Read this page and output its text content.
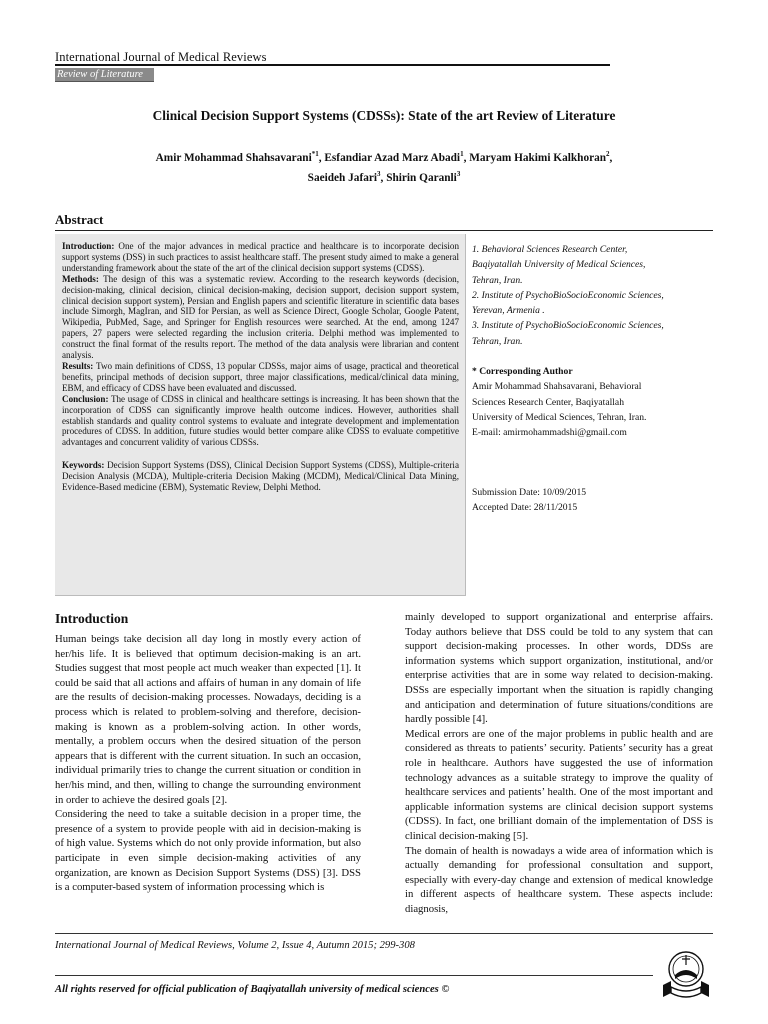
International Journal of Medical Reviews
Review of Literature
Clinical Decision Support Systems (CDSSs): State of the art Review of Literature
Amir Mohammad Shahsavarani$^{*1}$, Esfandiar Azad Marz Abadi$^1$, Maryam Hakimi Kalkhoran$^2$,
Saeideh Jafari$^3$, Shirin Qaranli$^3$
Abstract

Introduction: One of the major advances in medical practice and healthcare is to incorporate decision support systems (DSS) in such practices to assist healthcare staff. The present study aimed to make a general understanding framework about the state of the art of the clinical decision support systems (CDSS).

Methods: The design of this was a systematic review. According to the research keywords (decision, decision-making, clinical decision, clinical decision-making, decision support, decision support system, clinical decision support system), Persian and English papers and scientific literature in scientific data bases include Simorgh, MagIran, and SID for Persian, as well as Science Direct, Google Scholar, Google Patent, Wikipedia, PubMed, Sage, and Springer for English resources were searched. At the end, among 1247 papers, 27 papers were selected regarding the inclusion criteria. Delphi method was implemented to construct the final format of the results report. The method of the data analysis were librarian and content analysis.

Results: Two main definitions of CDSS, 13 popular CDSSs, major aims of usage, practical and theoretical benefits, principal methods of decision support, three major classifications, medical/clinical data mining, EBM, and efficacy of CDSS have been evaluated and discussed.

Conclusion: The usage of CDSS in clinical and healthcare settings is increasing. It has been shown that the incorporation of CDSS can significantly improve health outcome indices. However, authorities shall establish standards and quality control systems to evaluate and integrate development and implementation procedures of CDSS. In addition, future studies would better compare alike CDSS to evaluate competitive advantages and concurrent validity of various CDSSs.

Keywords: Decision Support Systems (DSS), Clinical Decision Support Systems (CDSS), Multiple-criteria Decision Analysis (MCDA), Multiple-criteria Decision Making (MCDM), Medical/Clinical Data Mining, Evidence-Based medicine (EBM), Systematic Review, Delphi Method.

1. Behavioral Sciences Research Center,
Baqiyatallah University of Medical Sciences,
Tehran, Iran.
2. Institute of PsychoBioSocioEconomic Sciences,
Yerevan, Armenia .
3. Institute of PsychoBioSocioEconomic Sciences,
Tehran, Iran.
* Corresponding Author
Amir Mohammad Shahsavarani, Behavioral
Sciences Research Center, Baqiyatallah
University of Medical Sciences, Tehran, Iran.
E-mail: amirmohammadshi@gmail.com
Submission Date: 10/09/2015
Accepted Date: 28/11/2015
Introduction

Human beings take decision all day long in mostly every action of her/his life. It is believed that optimum decision-making is an art. Studies suggest that most people act much weaker than expected [1]. It could be said that all actions and affairs of human in any domain of life are the results of decision-making processes. Nowadays, deciding is a process which is related to problem-solving and therefore, decision-making is known as a problem-solving action. In other words, mentally, a problem occurs when the desired situation of the person appears that is different with the current situation. In such an occasion, individual primarily tries to change the current situation or condition in her/his mind, and then, willing to change the surrounding environment in order to achieve the desired goals [2].

Considering the need to take a suitable decision in a proper time, the presence of a system to provide people with aid in decision-making is of high value. Systems which do not only provide information, but also participate in even simple decision-making activities of any organization, are known as Decision Support Systems (DSS) [3]. DSS is a computer-based system of information processing which is

mainly developed to support organizational and enterprise affairs. Today authors believe that DSS could be told to any system that can support decision-making processes. In other words, DDSs are information systems which support organization, institutional, and/or enterprise activities that are in some way related to decision-making. DSSs are especially important when the situation is rapidly changing and anticipation and determination of future situations/conditions are hardly possible [4].

Medical errors are one of the major problems in public health and are considered as threats to patients’ security. Patients’ security has a great role in healthcare. Authors have suggested the use of information technology advances as a suitable strategy to improve the quality of healthcare services and patients’ health. One of the most important and applicable information systems are clinical decision support systems (CDSS). In fact, one brilliant domain of the implementation of DSS is clinical decision-making [5].

The domain of health is nowadays a wide area of information which is actually demanding for professional consultation and support, especially with every-day change and extension of medical knowledge in different aspects of healthcare system. These aspects include: diagnosis,

International Journal of Medical Reviews, Volume 2, Issue 4, Autumn 2015; 299-308
All rights reserved for official publication of Baqiyatallah university of medical sciences ©
